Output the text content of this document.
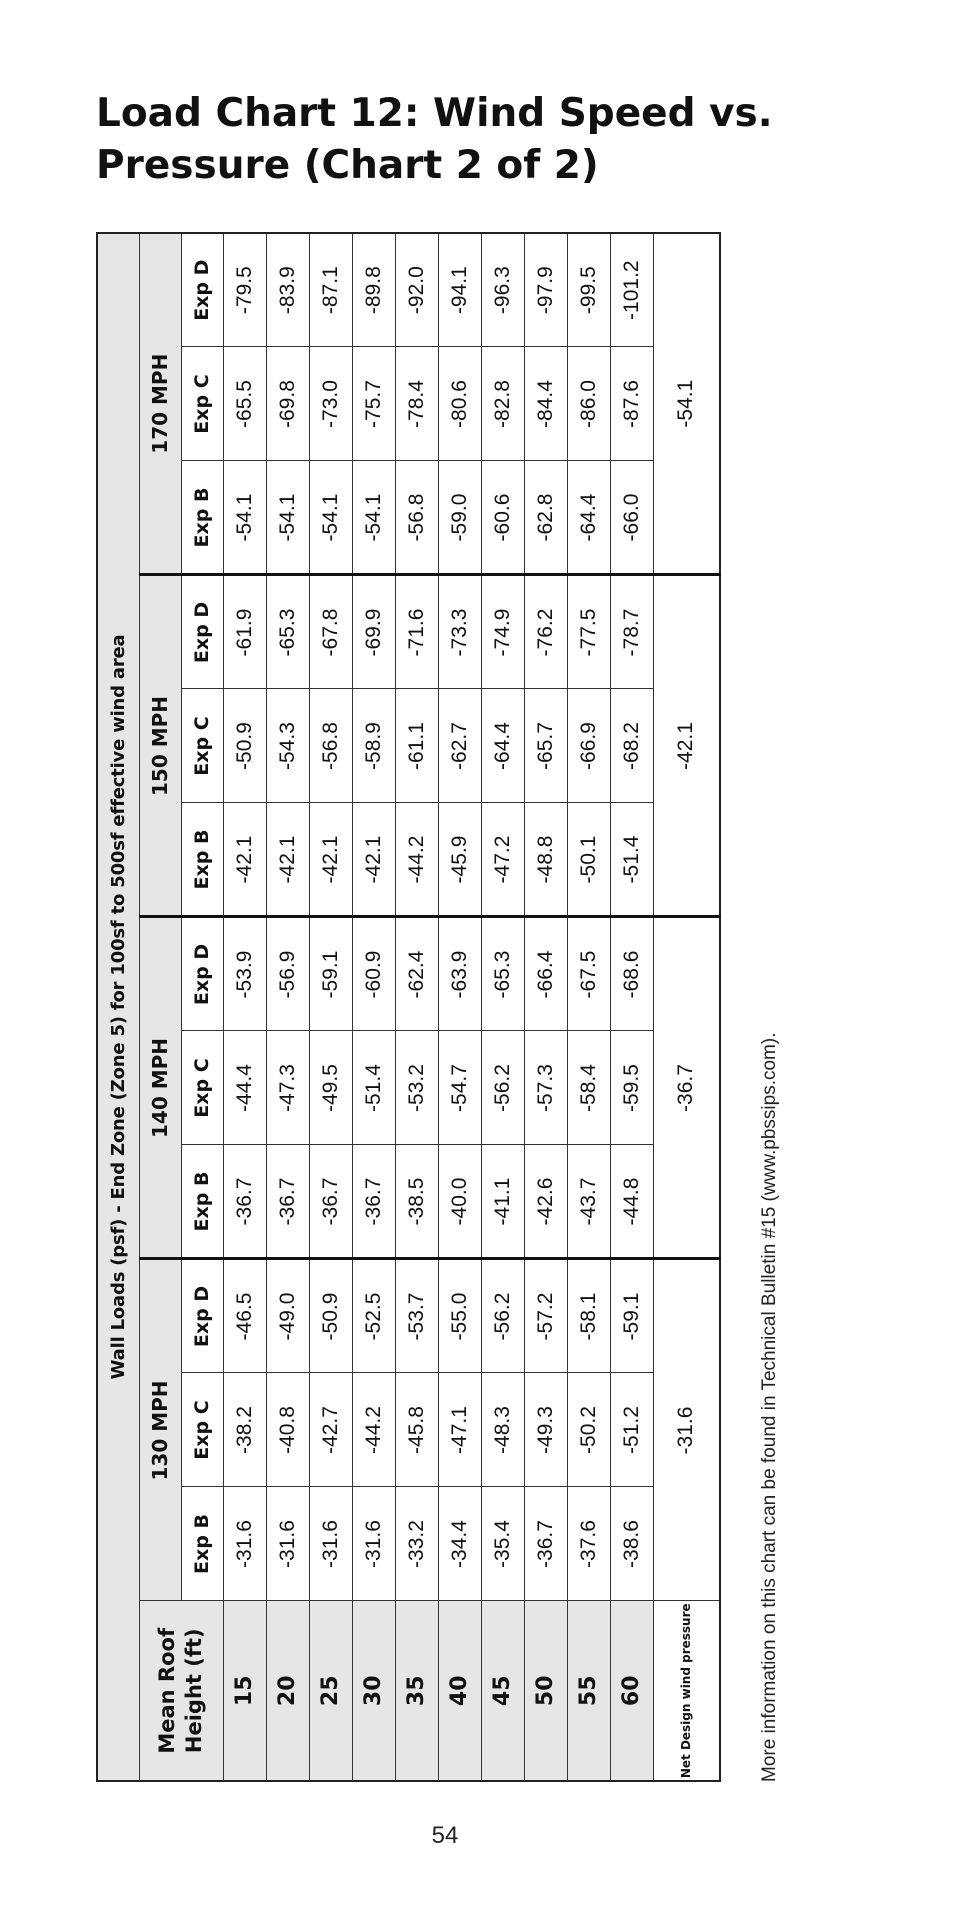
Load Chart 12: Wind Speed vs. Pressure (Chart 2 of 2)
Wall Loads (psf) - End Zone (Zone 5) for 100sf to 500sf effective wind area												
Mean Roof Height (ft)	130 MPH			140 MPH			150 MPH			170 MPH		
	Exp B	Exp C	Exp D	Exp B	Exp C	Exp D	Exp B	Exp C	Exp D	Exp B	Exp C	Exp D
15	-31.6	-38.2	-46.5	-36.7	-44.4	-53.9	-42.1	-50.9	-61.9	-54.1	-65.5	-79.5
20	-31.6	-40.8	-49.0	-36.7	-47.3	-56.9	-42.1	-54.3	-65.3	-54.1	-69.8	-83.9
25	-31.6	-42.7	-50.9	-36.7	-49.5	-59.1	-42.1	-56.8	-67.8	-54.1	-73.0	-87.1
30	-31.6	-44.2	-52.5	-36.7	-51.4	-60.9	-42.1	-58.9	-69.9	-54.1	-75.7	-89.8
35	-33.2	-45.8	-53.7	-38.5	-53.2	-62.4	-44.2	-61.1	-71.6	-56.8	-78.4	-92.0
40	-34.4	-47.1	-55.0	-40.0	-54.7	-63.9	-45.9	-62.7	-73.3	-59.0	-80.6	-94.1
45	-35.4	-48.3	-56.2	-41.1	-56.2	-65.3	-47.2	-64.4	-74.9	-60.6	-82.8	-96.3
50	-36.7	-49.3	-57.2	-42.6	-57.3	-66.4	-48.8	-65.7	-76.2	-62.8	-84.4	-97.9
55	-37.6	-50.2	-58.1	-43.7	-58.4	-67.5	-50.1	-66.9	-77.5	-64.4	-86.0	-99.5
60	-38.6	-51.2	-59.1	-44.8	-59.5	-68.6	-51.4	-68.2	-78.7	-66.0	-87.6	-101.2
Net Design wind pressure	-31.6			-36.7			-42.1			-54.1		
More information on this chart can be found in Technical Bulletin #15 (www.pbssips.com).
54
